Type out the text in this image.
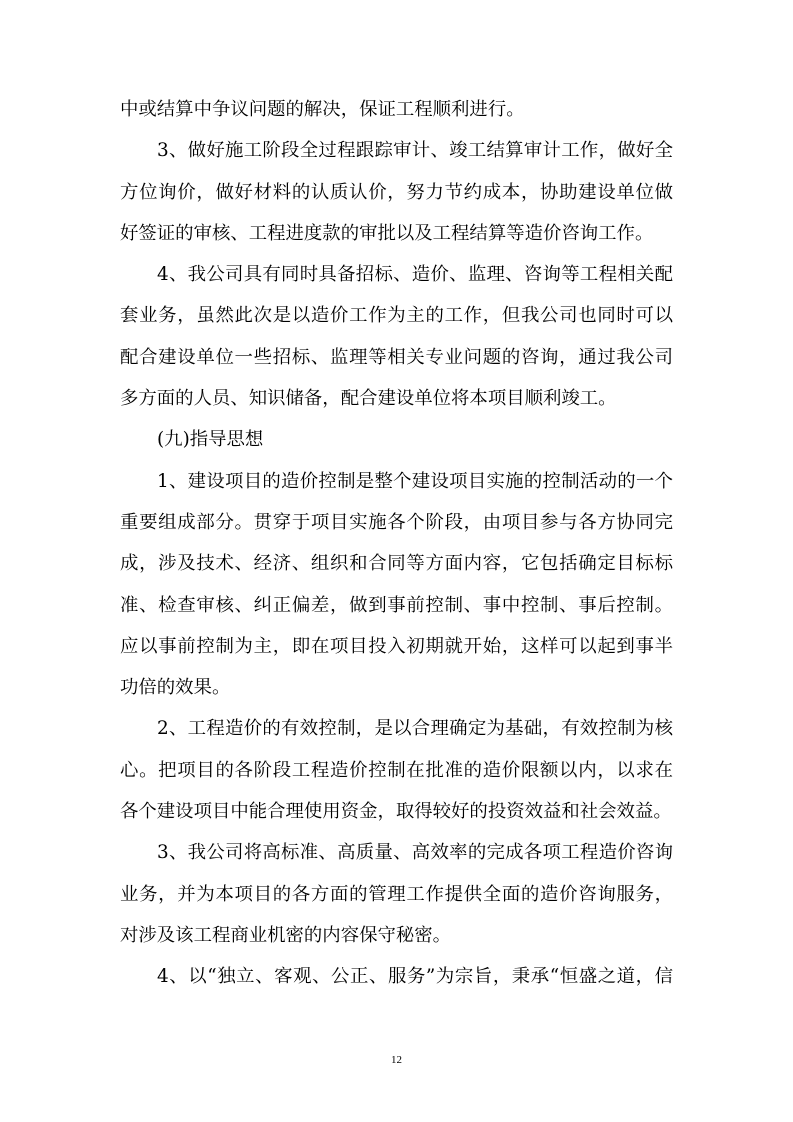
中或结算中争议问题的解决，保证工程顺利进行。
3、做好施工阶段全过程跟踪审计、竣工结算审计工作，做好全
方位询价，做好材料的认质认价，努力节约成本，协助建设单位做
好签证的审核、工程进度款的审批以及工程结算等造价咨询工作。
4、我公司具有同时具备招标、造价、监理、咨询等工程相关配
套业务，虽然此次是以造价工作为主的工作，但我公司也同时可以
配合建设单位一些招标、监理等相关专业问题的咨询，通过我公司
多方面的人员、知识储备，配合建设单位将本项目顺利竣工。
(九)指导思想
1、建设项目的造价控制是整个建设项目实施的控制活动的一个
重要组成部分。贯穿于项目实施各个阶段，由项目参与各方协同完
成，涉及技术、经济、组织和合同等方面内容，它包括确定目标标
准、检查审核、纠正偏差，做到事前控制、事中控制、事后控制。
应以事前控制为主，即在项目投入初期就开始，这样可以起到事半
功倍的效果。
2、工程造价的有效控制，是以合理确定为基础，有效控制为核
心。把项目的各阶段工程造价控制在批准的造价限额以内，以求在
各个建设项目中能合理使用资金，取得较好的投资效益和社会效益。
3、我公司将高标准、高质量、高效率的完成各项工程造价咨询
业务，并为本项目的各方面的管理工作提供全面的造价咨询服务，
对涉及该工程商业机密的内容保守秘密。
4、以“独立、客观、公正、服务”为宗旨，秉承“恒盛之道，信
12
